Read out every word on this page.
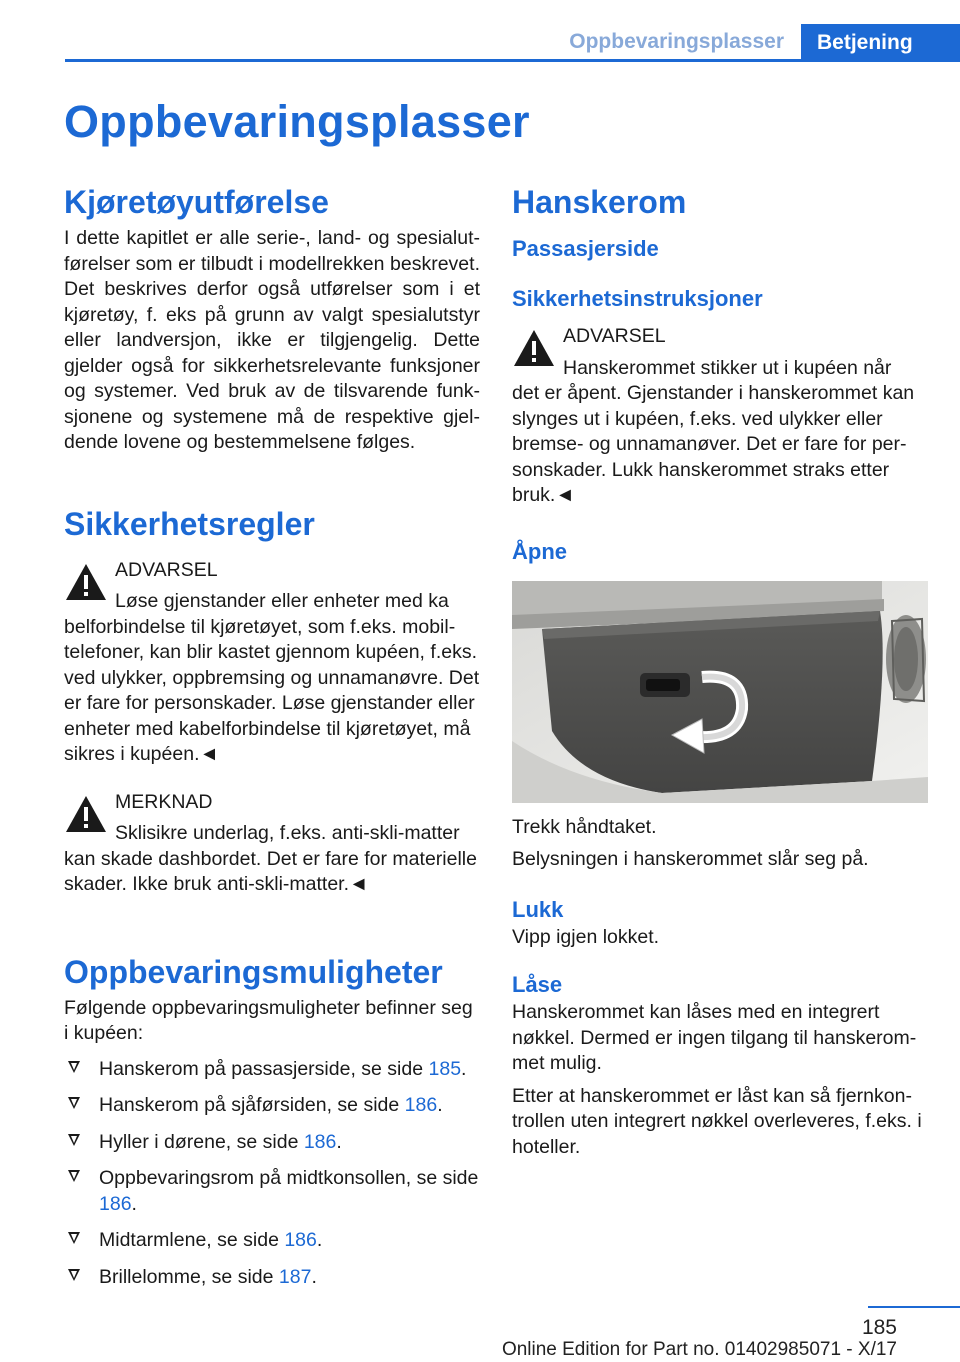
Oppbevaringsplasser	Betjening
Oppbevaringsplasser
Kjøretøyutførelse

I dette kapitlet er alle serie-, land- og spesialutførelser som er tilbudt i modellrekken beskrevet. Det beskrives derfor også utførelser som i et kjøretøy, f. eks på grunn av valgt spesialutstyr eller landversjon, ikke er tilgjengelig. Dette gjelder også for sikkerhetsrelevante funksjoner og systemer. Ved bruk av de tilsvarende funksjonene og systemene må de respektive gjeldende lovene og bestemmelsene følges.

Sikkerhetsregler

ADVARSEL

Løse gjenstander eller enheter med ka

belforbindelse til kjøretøyet, som f.eks. mobiltelefoner, kan blir kastet gjennom kupéen, f.eks. ved ulykker, oppbremsing og unnamanøvre. Det er fare for personskader. Løse gjenstander eller enheter med kabelforbindelse til kjøretøyet, må sikres i kupéen.◄

MERKNAD

Sklisikre underlag, f.eks. anti-skli-matter

kan skade dashbordet. Det er fare for materielle skader. Ikke bruk anti-skli-matter.◄

Oppbevaringsmuligheter

Følgende oppbevaringsmuligheter befinner seg i kupéen:

Hanskerom på passasjerside, se side 185.
Hanskerom på sjåførsiden, se side 186.
Hyller i dørene, se side 186.
Oppbevaringsrom på midtkonsollen, se side 186.
Midtarmlene, se side 186.
Brillelomme, se side 187.
Hanskerom
Passasjerside
Sikkerhetsinstruksjoner

ADVARSEL

Hanskerommet stikker ut i kupéen når

det er åpent. Gjenstander i hanskerommet kan slynges ut i kupéen, f.eks. ved ulykker eller bremse- og unnamanøver. Det er fare for personskader. Lukk hanskerommet straks etter bruk.◄

Åpne

Trekk håndtaket.

Belysningen i hanskerommet slår seg på.

Lukk

Vipp igjen lokket.

Låse

Hanskerommet kan låses med en integrert nøkkel. Dermed er ingen tilgang til hanskerommet mulig.

Etter at hanskerommet er låst kan så fjernkontrollen uten integrert nøkkel overleveres, f.eks. i hoteller.

185
Online Edition for Part no. 01402985071 - X/17
